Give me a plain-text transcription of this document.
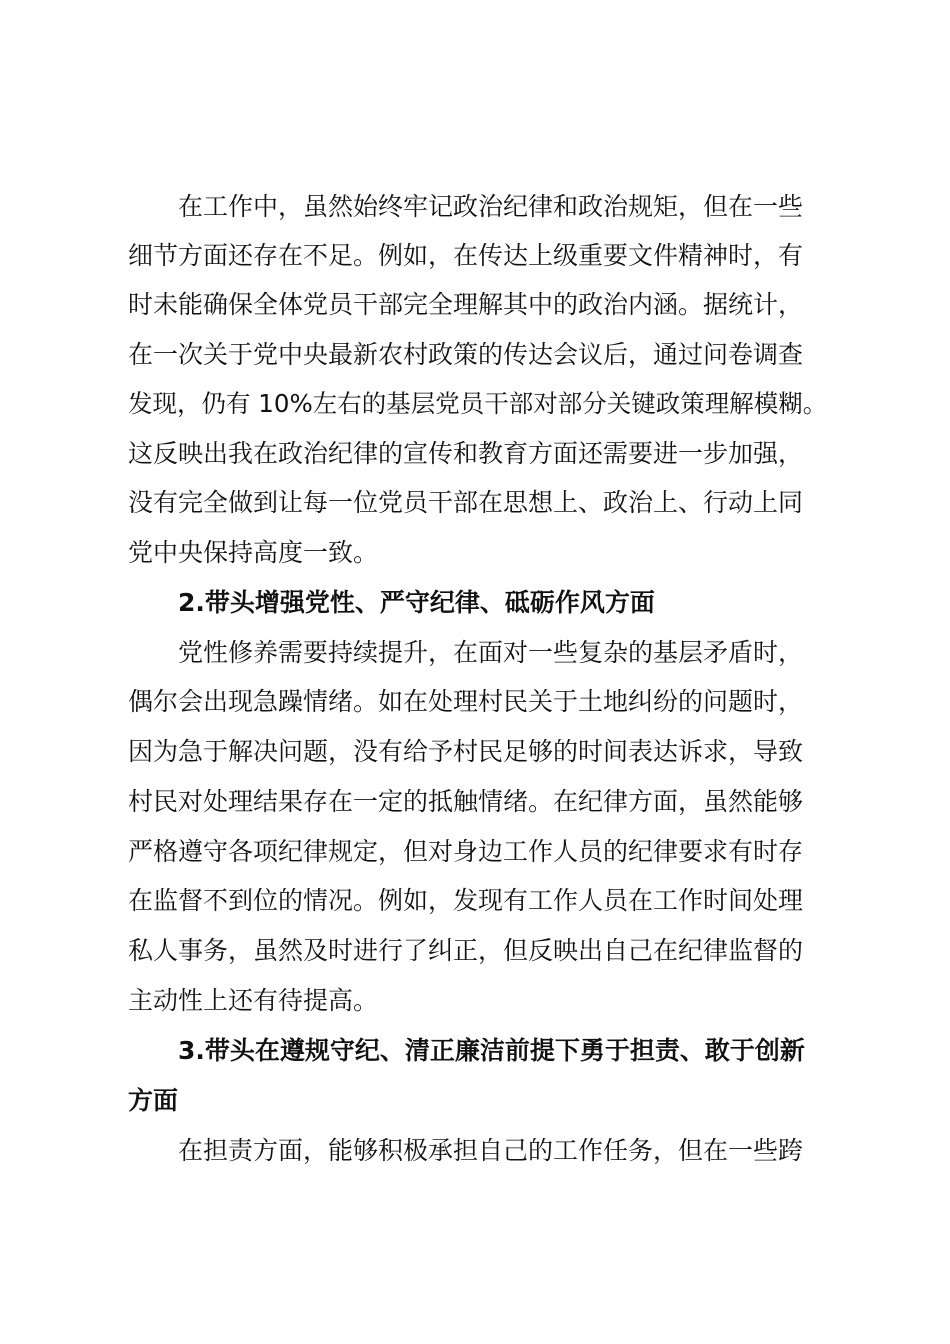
在工作中，虽然始终牢记政治纪律和政治规矩，但在一些

细节方面还存在不足。例如，在传达上级重要文件精神时，有

时未能确保全体党员干部完全理解其中的政治内涵。据统计，

在一次关于党中央最新农村政策的传达会议后，通过问卷调查

发现，仍有 10%左右的基层党员干部对部分关键政策理解模糊。

这反映出我在政治纪律的宣传和教育方面还需要进一步加强，

没有完全做到让每一位党员干部在思想上、政治上、行动上同

党中央保持高度一致。

2.带头增强党性、严守纪律、砥砺作风方面

党性修养需要持续提升，在面对一些复杂的基层矛盾时，

偶尔会出现急躁情绪。如在处理村民关于土地纠纷的问题时，

因为急于解决问题，没有给予村民足够的时间表达诉求，导致

村民对处理结果存在一定的抵触情绪。在纪律方面，虽然能够

严格遵守各项纪律规定，但对身边工作人员的纪律要求有时存

在监督不到位的情况。例如，发现有工作人员在工作时间处理

私人事务，虽然及时进行了纠正，但反映出自己在纪律监督的

主动性上还有待提高。

3.带头在遵规守纪、清正廉洁前提下勇于担责、敢于创新

方面

在担责方面，能够积极承担自己的工作任务，但在一些跨
